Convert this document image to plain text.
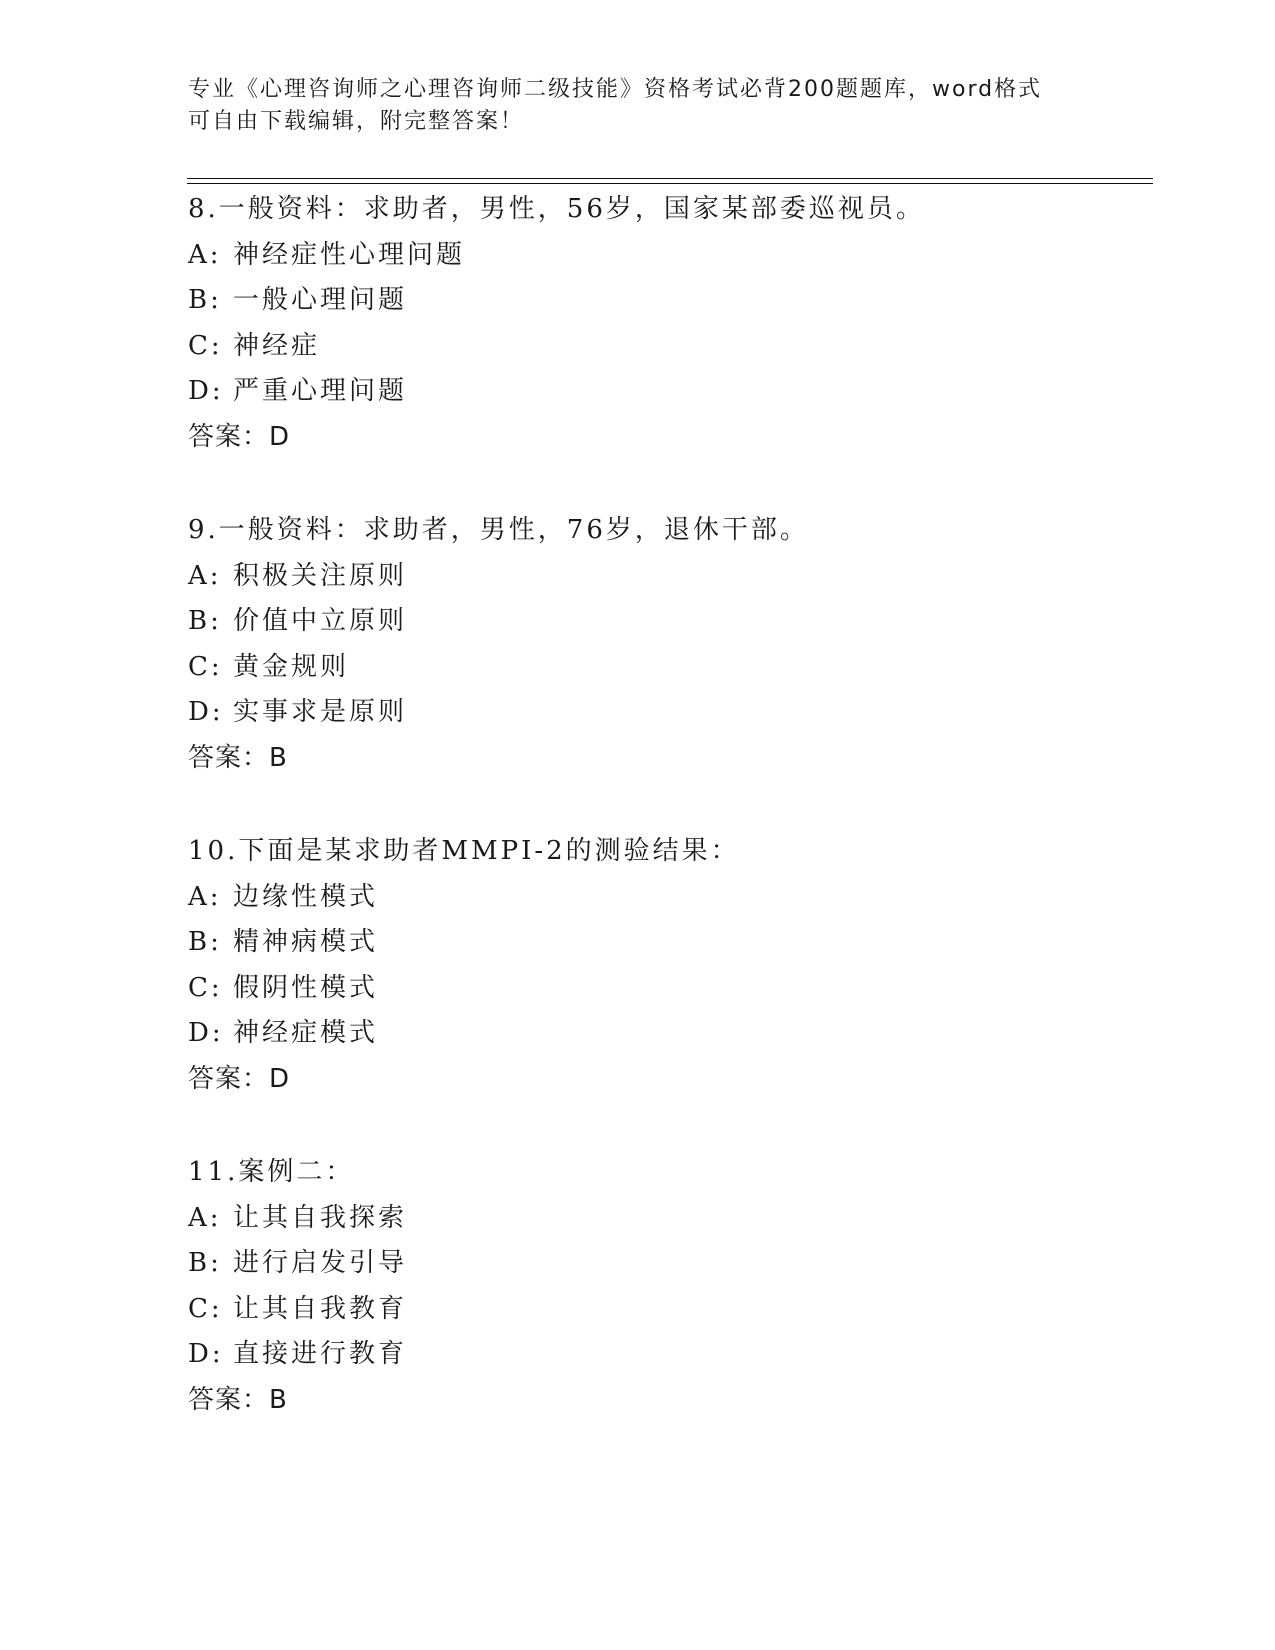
专业《心理咨询师之心理咨询师二级技能》资格考试必背200题题库，word格式
可自由下载编辑，附完整答案！
8.一般资料：求助者，男性，56岁，国家某部委巡视员。
A: 神经症性心理问题
B: 一般心理问题
C: 神经症
D: 严重心理问题
答案：D
9.一般资料：求助者，男性，76岁，退休干部。
A: 积极关注原则
B: 价值中立原则
C: 黄金规则
D: 实事求是原则
答案：B
10.下面是某求助者MMPI-2的测验结果：
A: 边缘性模式
B: 精神病模式
C: 假阴性模式
D: 神经症模式
答案：D
11.案例二：
A: 让其自我探索
B: 进行启发引导
C: 让其自我教育
D: 直接进行教育
答案：B
